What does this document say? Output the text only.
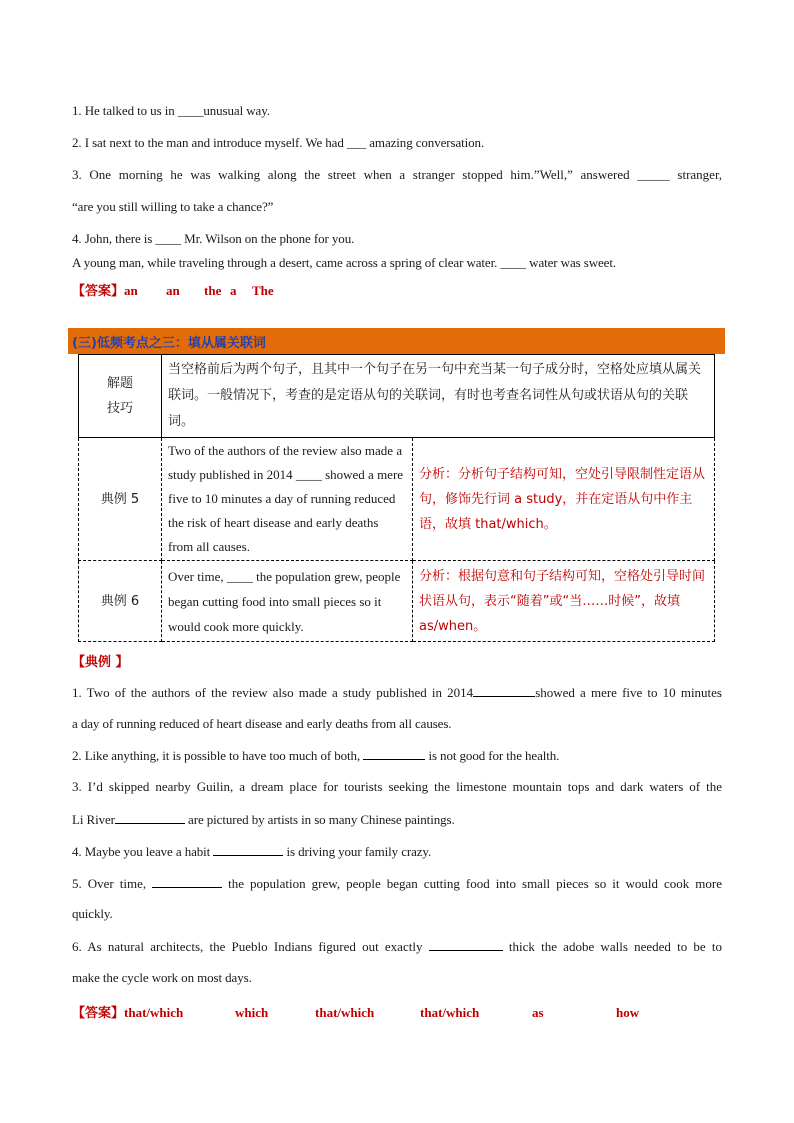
1. He talked to us in ____unusual way.
2. I sat next to the man and introduce myself. We had ___ amazing conversation.
3. One morning he was walking along the street when a stranger stopped him.”Well,” answered _____ stranger,
“are you still willing to take a chance?”
4. John, there is ____ Mr. Wilson on the phone for you.
A young man, while traveling through a desert, came across a spring of clear water. ____ water was sweet.
【答案】an an the a The
(三)低频考点之三：填从属关联词
解题
技巧	当空格前后为两个句子，且其中一个句子在另一句中充当某一句子成分时，空格处应填从属关联词。一般情况下，考查的是定语从句的关联词，有时也考查名词性从句或状语从句的关联词。	
典例 5	Two of the authors of the review also made a study published in 2014 ____ showed a mere five to 10 minutes a day of running reduced the risk of heart disease and early deaths from all causes.	分析：分析句子结构可知，空处引导限制性定语从句，修饰先行词 a study，并在定语从句中作主语，故填 that/which。
典例 6	Over time, ____ the population grew, people began cutting food into small pieces so it would cook more quickly.	分析：根据句意和句子结构可知，空格处引导时间状语从句，表示“随着”或“当……时候”，故填 as/when。
【典例 】
1. Two of the authors of the review also made a study published in 2014	showed a mere five to 10 minutes
a day of running reduced of heart disease and early deaths from all causes.
2. Like anything, it is possible to have too much of both,	is not good for the health.
3. I’d skipped nearby Guilin, a dream place for tourists seeking the limestone mountain tops and dark waters of the
Li River	are pictured by artists in so many Chinese paintings.
4. Maybe you leave a habit	is driving your family crazy.
5. Over time,	the population grew, people began cutting food into small pieces so it would cook more
quickly.
6. As natural architects, the Pueblo Indians figured out exactly	thick the adobe walls needed to be to
make the cycle work on most days.
【答案】that/which	which	that/which	that/which	as	how
